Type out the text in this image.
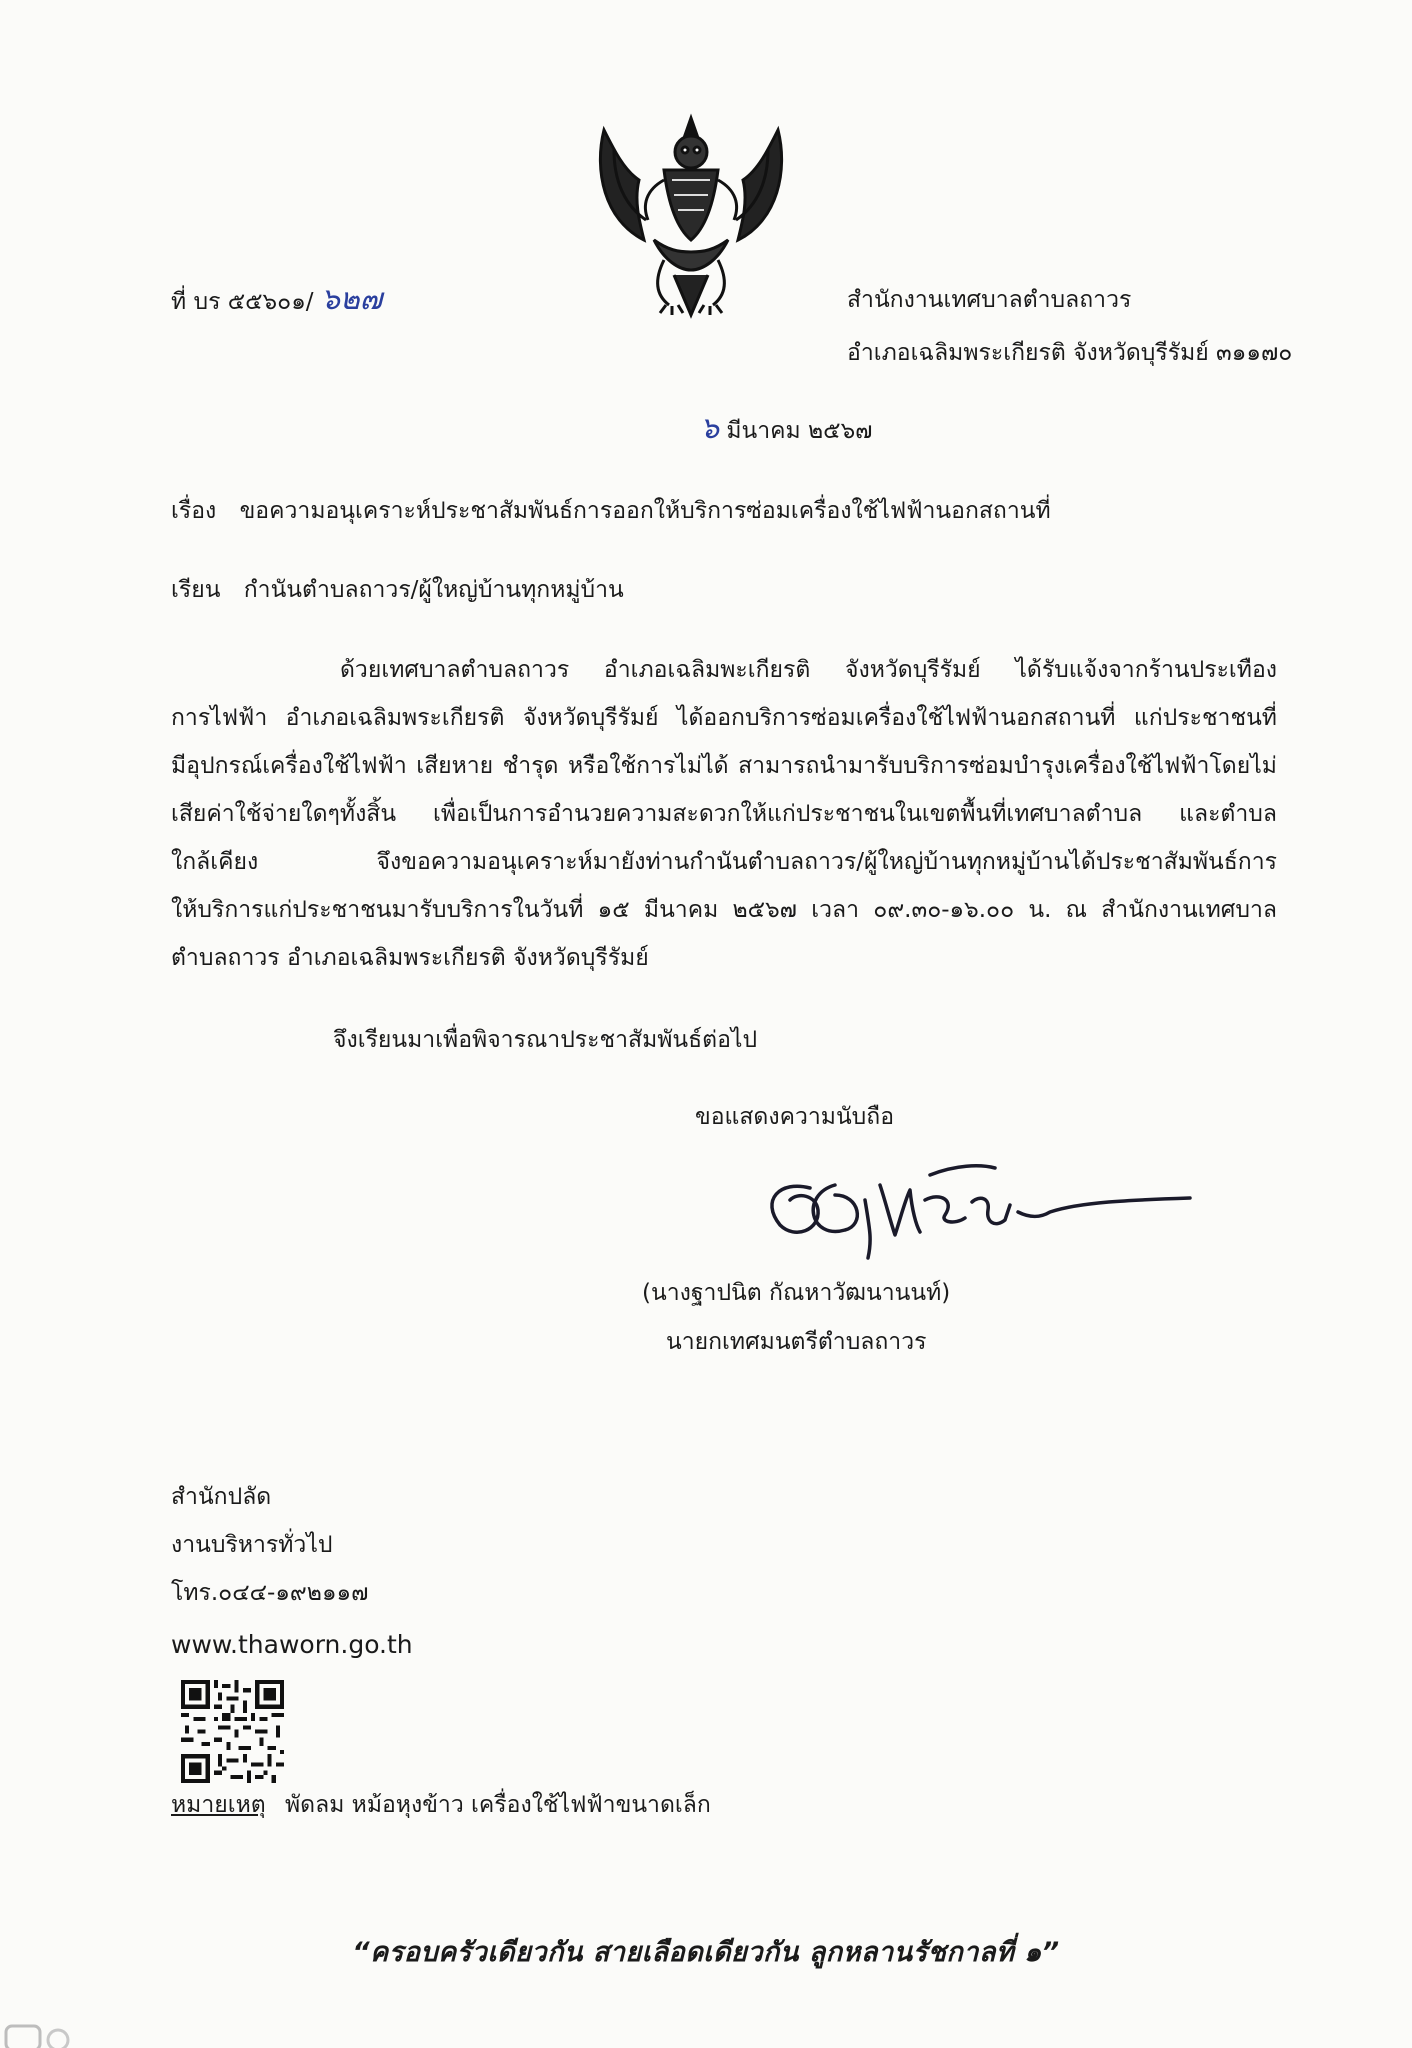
ที่ บร ๕๕๖๐๑/ ๖๒๗	สำนักงานเทศบาลตำบลถาวร
อำเภอเฉลิมพระเกียรติ จังหวัดบุรีรัมย์ ๓๑๑๗๐
๖ มีนาคม ๒๕๖๗
เรื่อง ขอความอนุเคราะห์ประชาสัมพันธ์การออกให้บริการซ่อมเครื่องใช้ไฟฟ้านอกสถานที่
เรียน กำนันตำบลถาวร/ผู้ใหญ่บ้านทุกหมู่บ้าน
ด้วยเทศบาลตำบลถาวร อำเภอเฉลิมพะเกียรติ จังหวัดบุรีรัมย์ ได้รับแจ้งจากร้านประเทือง
การไฟฟ้า อำเภอเฉลิมพระเกียรติ จังหวัดบุรีรัมย์ ได้ออกบริการซ่อมเครื่องใช้ไฟฟ้านอกสถานที่ แก่ประชาชนที่
มีอุปกรณ์เครื่องใช้ไฟฟ้า เสียหาย ชำรุด หรือใช้การไม่ได้ สามารถนำมารับบริการซ่อมบำรุงเครื่องใช้ไฟฟ้าโดยไม่
เสียค่าใช้จ่ายใดๆทั้งสิ้น เพื่อเป็นการอำนวยความสะดวกให้แก่ประชาชนในเขตพื้นที่เทศบาลตำบล และตำบล
ใกล้เคียง	จึงขอความอนุเคราะห์มายังท่านกำนันตำบลถาวร/ผู้ใหญ่บ้านทุกหมู่บ้านได้ประชาสัมพันธ์การ
ให้บริการแก่ประชาชนมารับบริการในวันที่ ๑๕ มีนาคม ๒๕๖๗ เวลา ๐๙.๓๐-๑๖.๐๐ น. ณ สำนักงานเทศบาล
ตำบลถาวร อำเภอเฉลิมพระเกียรติ จังหวัดบุรีรัมย์
จึงเรียนมาเพื่อพิจารณาประชาสัมพันธ์ต่อไป
ขอแสดงความนับถือ
(นางฐาปนิต กัณหาวัฒนานนท์)
นายกเทศมนตรีตำบลถาวร
สำนักปลัด
งานบริหารทั่วไป
โทร.๐๔๔-๑๙๒๑๑๗
www.thaworn.go.th
หมายเหตุ พัดลม หม้อหุงข้าว เครื่องใช้ไฟฟ้าขนาดเล็ก
“ครอบครัวเดียวกัน สายเลือดเดียวกัน ลูกหลานรัชกาลที่ ๑”
